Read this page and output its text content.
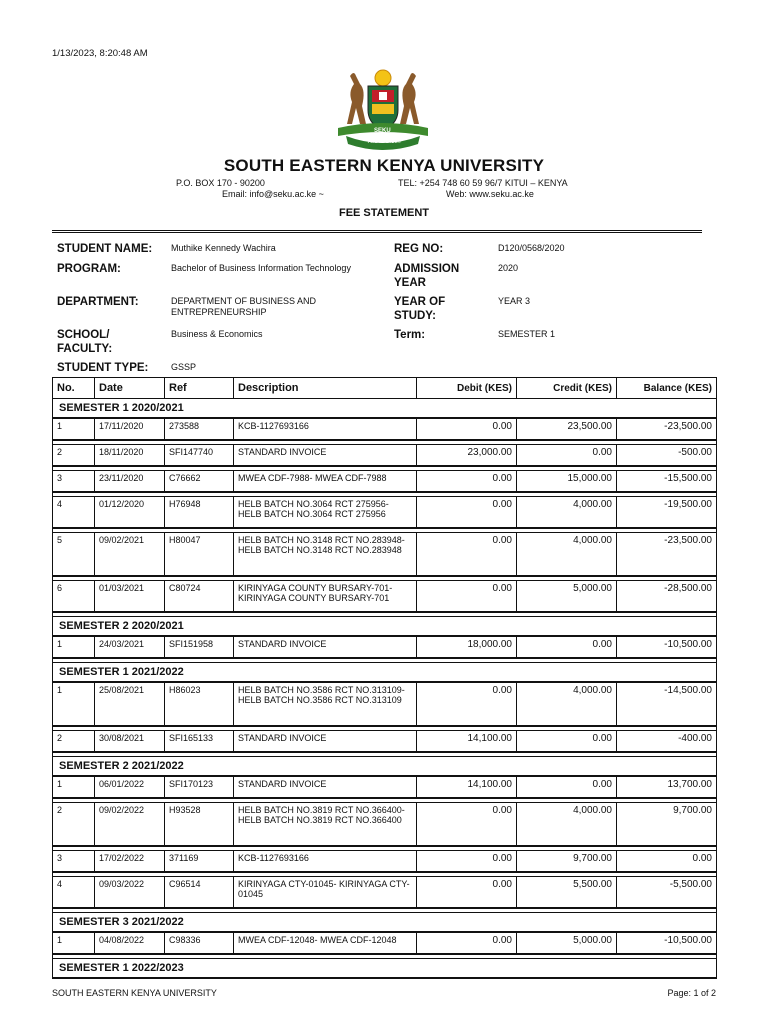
1/13/2023, 8:20:48 AM
SEKU
Arid to Green
SOUTH EASTERN KENYA UNIVERSITY
P.O. BOX 170 - 90200	TEL: +254 748 60 59 96/7 KITUI – KENYA
Email: info@seku.ac.ke ~	Web: www.seku.ac.ke
FEE STATEMENT
STUDENT NAME: Muthike Kennedy Wachira
PROGRAM:	Bachelor of Business Information Technology
DEPARTMENT:	DEPARTMENT OF BUSINESS AND ENTREPRENEURSHIP
SCHOOL/ FACULTY:
Business & Economics
STUDENT TYPE:	GSSP
REG NO:	D120/0568/2020
ADMISSION YEAR
2020
YEAR OF STUDY:
YEAR 3
Term:	SEMESTER 1
No.	Date	Ref	Description	Debit (KES)	Credit (KES)	Balance (KES)
SEMESTER 1 2020/2021						
1	17/11/2020	273588	KCB-1127693166	0.00	23,500.00	-23,500.00

2	18/11/2020	SFI147740	STANDARD INVOICE	23,000.00	0.00	-500.00

3	23/11/2020	C76662	MWEA CDF-7988- MWEA CDF-7988	0.00	15,000.00	-15,500.00

4	01/12/2020	H76948	HELB BATCH NO.3064 RCT 275956- HELB BATCH NO.3064 RCT 275956	0.00	4,000.00	-19,500.00

5	09/02/2021	H80047	HELB BATCH NO.3148 RCT NO.283948- HELB BATCH NO.3148 RCT NO.283948	0.00	4,000.00	-23,500.00

6	01/03/2021	C80724	KIRINYAGA COUNTY BURSARY-701- KIRINYAGA COUNTY BURSARY-701	0.00	5,000.00	-28,500.00

SEMESTER 2 2020/2021						
1	24/03/2021	SFI151958	STANDARD INVOICE	18,000.00	0.00	-10,500.00

SEMESTER 1 2021/2022						
1	25/08/2021	H86023	HELB BATCH NO.3586 RCT NO.313109- HELB BATCH NO.3586 RCT NO.313109	0.00	4,000.00	-14,500.00

2	30/08/2021	SFI165133	STANDARD INVOICE	14,100.00	0.00	-400.00

SEMESTER 2 2021/2022						
1	06/01/2022	SFI170123	STANDARD INVOICE	14,100.00	0.00	13,700.00

2	09/02/2022	H93528	HELB BATCH NO.3819 RCT NO.366400- HELB BATCH NO.3819 RCT NO.366400	0.00	4,000.00	9,700.00

3	17/02/2022	371169	KCB-1127693166	0.00	9,700.00	0.00

4	09/03/2022	C96514	KIRINYAGA CTY-01045- KIRINYAGA CTY-01045	0.00	5,500.00	-5,500.00

SEMESTER 3 2021/2022						
1	04/08/2022	C98336	MWEA CDF-12048- MWEA CDF-12048	0.00	5,000.00	-10,500.00

SEMESTER 1 2022/2023						
SOUTH EASTERN KENYA UNIVERSITY	Page: 1 of 2
